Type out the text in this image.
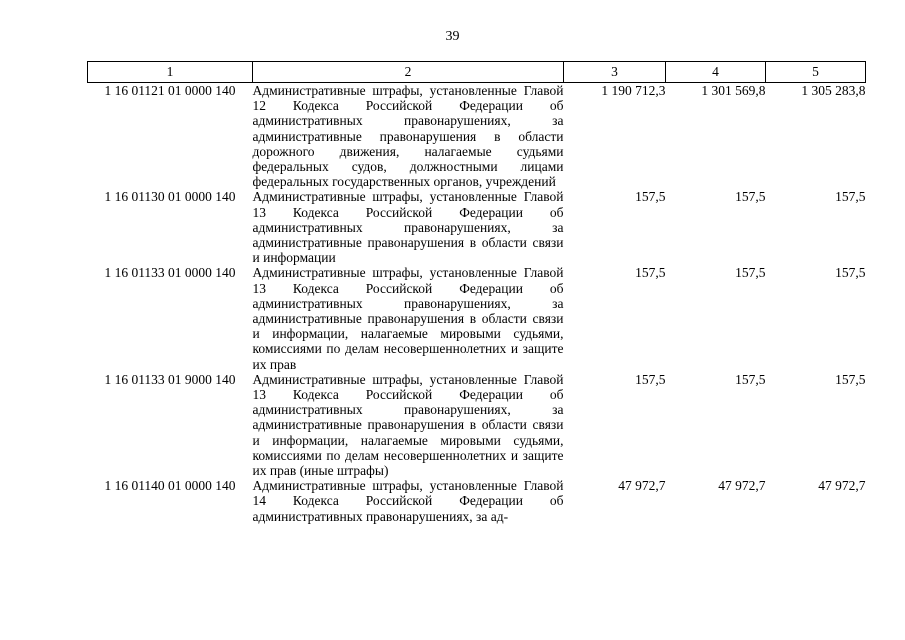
39
1	2	3	4	5
1 16 01121 01 0000 140	Административные штрафы, установленные Главой 12 Кодекса Российской Федерации об административных правонарушениях, за административные правонарушения в области дорожного движения, налагаемые судьями федеральных судов, должностными лицами федеральных государственных органов, учреждений	1 190 712,3	1 301 569,8	1 305 283,8
1 16 01130 01 0000 140	Административные штрафы, установленные Главой 13 Кодекса Российской Федерации об административных правонарушениях, за административные правонарушения в области связи и информации	157,5	157,5	157,5
1 16 01133 01 0000 140	Административные штрафы, установленные Главой 13 Кодекса Российской Федерации об административных правонарушениях, за административные правонарушения в области связи и информации, налагаемые мировыми судьями, комиссиями по делам несовершеннолетних и защите их прав	157,5	157,5	157,5
1 16 01133 01 9000 140	Административные штрафы, установленные Главой 13 Кодекса Российской Федерации об административных правонарушениях, за административные правонарушения в области связи и информации, налагаемые мировыми судьями, комиссиями по делам несовершеннолетних и защите их прав (иные штрафы)	157,5	157,5	157,5
1 16 01140 01 0000 140	Административные штрафы, установленные Главой 14 Кодекса Российской Федерации об административных правонарушениях, за ад-	47 972,7	47 972,7	47 972,7
